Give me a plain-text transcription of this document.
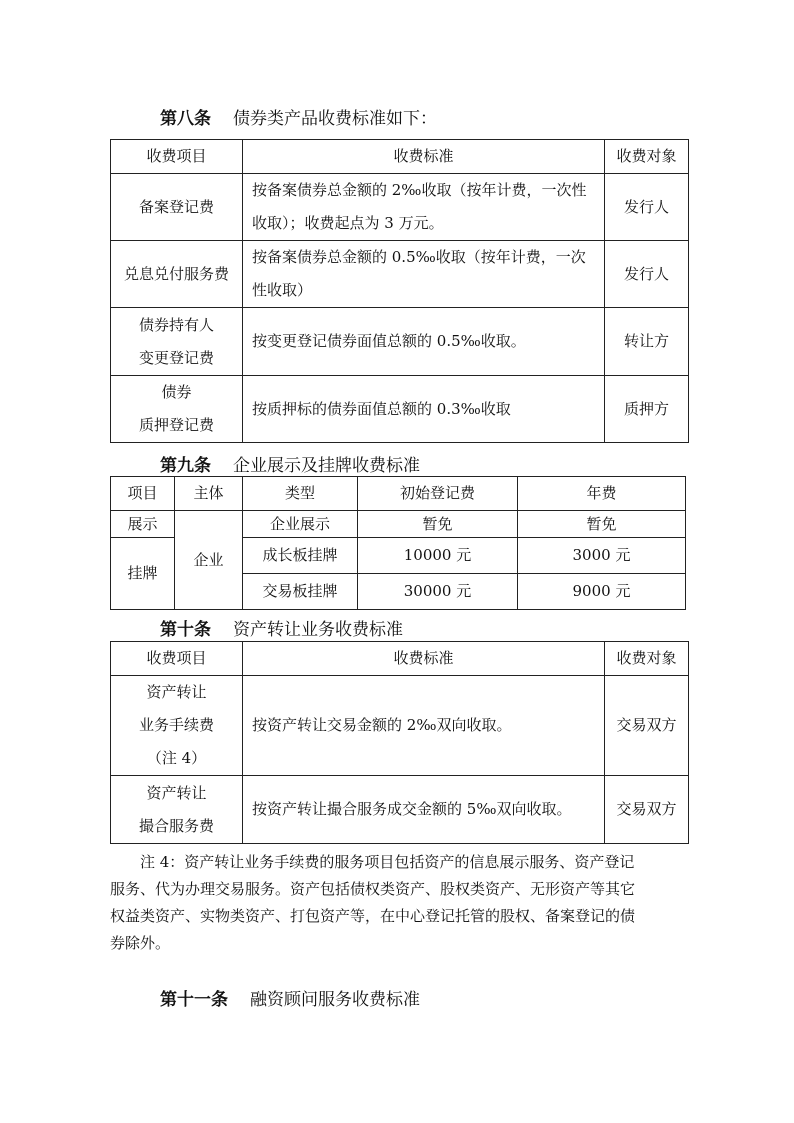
第八条 债券类产品收费标准如下：
收费项目	收费标准	收费对象

备案登记费	按备案债券总金额的 2‰收取（按年计费，一次性
收取）；收费起点为 3 万元。	发行人

兑息兑付服务费	按备案债券总金额的 0.5‰收取（按年计费，一次
性收取）	发行人

债券持有人
变更登记费	按变更登记债券面值总额的 0.5‰收取。	转让方

债券
质押登记费	按质押标的债券面值总额的 0.3‰收取	质押方
第九条 企业展示及挂牌收费标准
项目	主体	类型	初始登记费	年费
展示	企业	企业展示	暂免	暂免
挂牌		成长板挂牌	10000 元	3000 元
		交易板挂牌	30000 元	9000 元
第十条 资产转让业务收费标准
收费项目	收费标准	收费对象

资产转让
业务手续费
（注 4）	按资产转让交易金额的 2‰双向收取。	交易双方

资产转让
撮合服务费	按资产转让撮合服务成交金额的 5‰双向收取。	交易双方
注 4：资产转让业务手续费的服务项目包括资产的信息展示服务、资产登记
服务、代为办理交易服务。资产包括债权类资产、股权类资产、无形资产等其它
权益类资产、实物类资产、打包资产等，在中心登记托管的股权、备案登记的债
券除外。
第十一条 融资顾问服务收费标准
